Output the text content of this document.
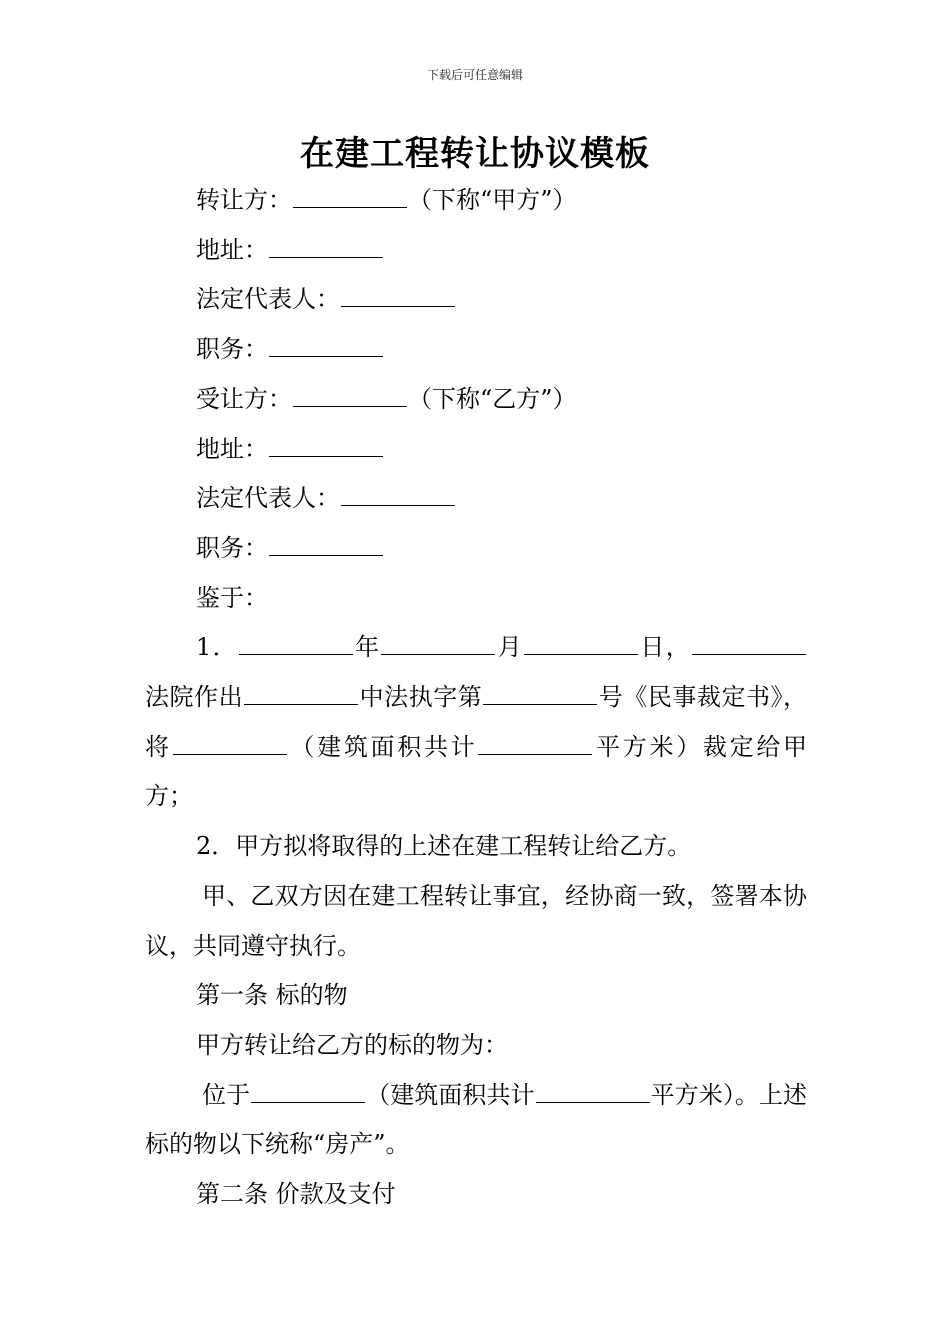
下载后可任意编辑
在建工程转让协议模板

转让方：	（下称“甲方”）

地址：

法定代表人：

职务：

受让方：	（下称“乙方”）

地址：

法定代表人：

职务：

鉴于：

1．	年	月	日，法院作出	中法执字第	号《民事裁定书》，将	（建筑面积共计	平方米）裁定给甲方；

2．甲方拟将取得的上述在建工程转让给乙方。

甲、乙双方因在建工程转让事宜，经协商一致，签署本协议，共同遵守执行。

第一条 标的物

甲方转让给乙方的标的物为：

位于	（建筑面积共计	平方米）。上述标的物以下统称“房产”。

第二条 价款及支付
